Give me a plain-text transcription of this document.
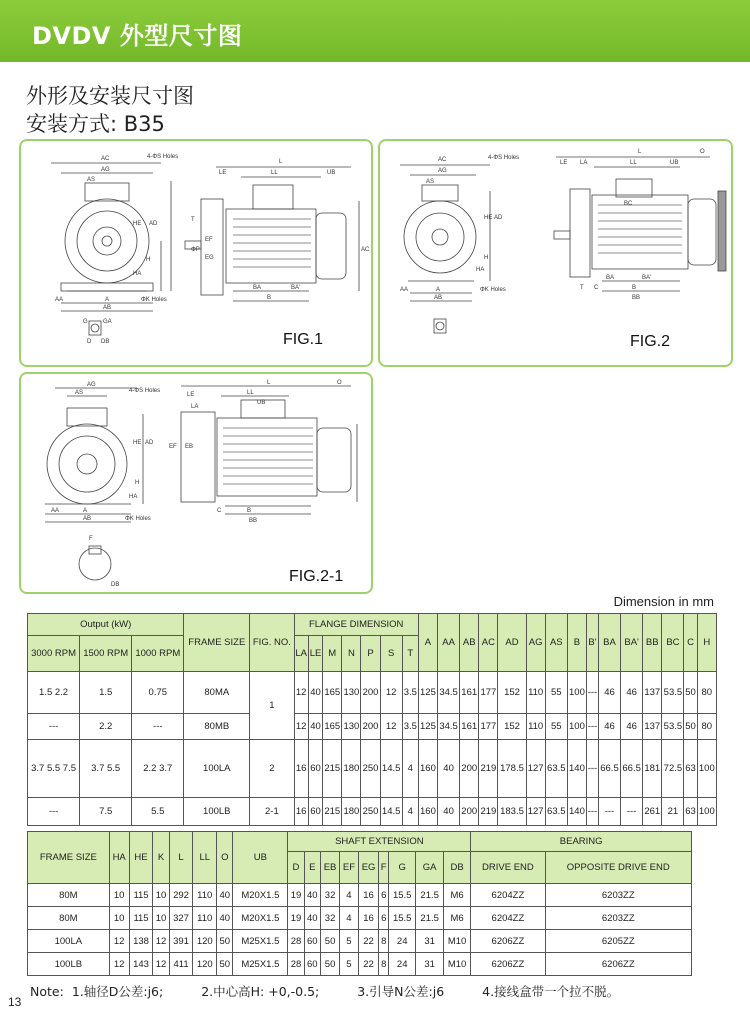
DVDV 外型尺寸图
外形及安装尺寸图
安装方式: B35
AC
AG
AS
4-ΦS Holes
HE AD
H
HA
AA	A
AB
ΦK Holes
G	GA
D DB
L
LL
LE	UB
T
EF
EG
ΦP
BA	BA'
B
AC
FIG.1
AC
AG
AS
4-ΦS Holes
HE AD
H
HA
AA	A
AB
ΦK Holes
L
LL
LE LA	UB
O
BC
BA	BA'
T C	B
BB
FIG.2
AG
AS	4-ΦS Holes
HE AD
H
HA
AA	A
AB	ΦK Holes
L
LL
LE
LA
UB
O
EF EB
C	B
BB
F
DB	FIG.2-1
Dimension in mm
Output (kW)			FRAME SIZE	FIG. NO.	FLANGE DIMENSION							A	AA	AB	AC	AD	AG	AS	B	B'	BA	BA'	BB	BC	C	H
3000 RPM	1500 RPM	1000 RPM			LA	LE	M	N	P	S	T															
1.5 2.2	1.5	0.75	80MA	1	12	40	165	130	200	12	3.5	125	34.5	161	177	152	110	55	100	---	46	46	137	53.5	50	80
---	2.2	---	80MB		12	40	165	130	200	12	3.5	125	34.5	161	177	152	110	55	100	---	46	46	137	53.5	50	80
3.7 5.5 7.5	3.7 5.5	2.2 3.7	100LA	2	16	60	215	180	250	14.5	4	160	40	200	219	178.5	127	63.5	140	---	66.5	66.5	181	72.5	63	100
---	7.5	5.5	100LB	2-1	16	60	215	180	250	14.5	4	160	40	200	219	183.5	127	63.5	140	---	---	---	261	21	63	100
FRAME SIZE	HA	HE	K	L	LL	O	UB	SHAFT EXTENSION									BEARING	
								D	E	EB	EF	EG	F	G	GA	DB	DRIVE END	OPPOSITE DRIVE END
80M	10	115	10	292	110	40	M20X1.5	19	40	32	4	16	6	15.5	21.5	M6	6204ZZ	6203ZZ
80M	10	115	10	327	110	40	M20X1.5	19	40	32	4	16	6	15.5	21.5	M6	6204ZZ	6203ZZ
100LA	12	138	12	391	120	50	M25X1.5	28	60	50	5	22	8	24	31	M10	6206ZZ	6205ZZ
100LB	12	143	12	411	120	50	M25X1.5	28	60	50	5	22	8	24	31	M10	6206ZZ	6206ZZ
Note: 1.轴径D公差:j6;	2.中心高H: +0,-0.5;	3.引导N公差:j6	4.接线盒带一个拉不脱。
13
